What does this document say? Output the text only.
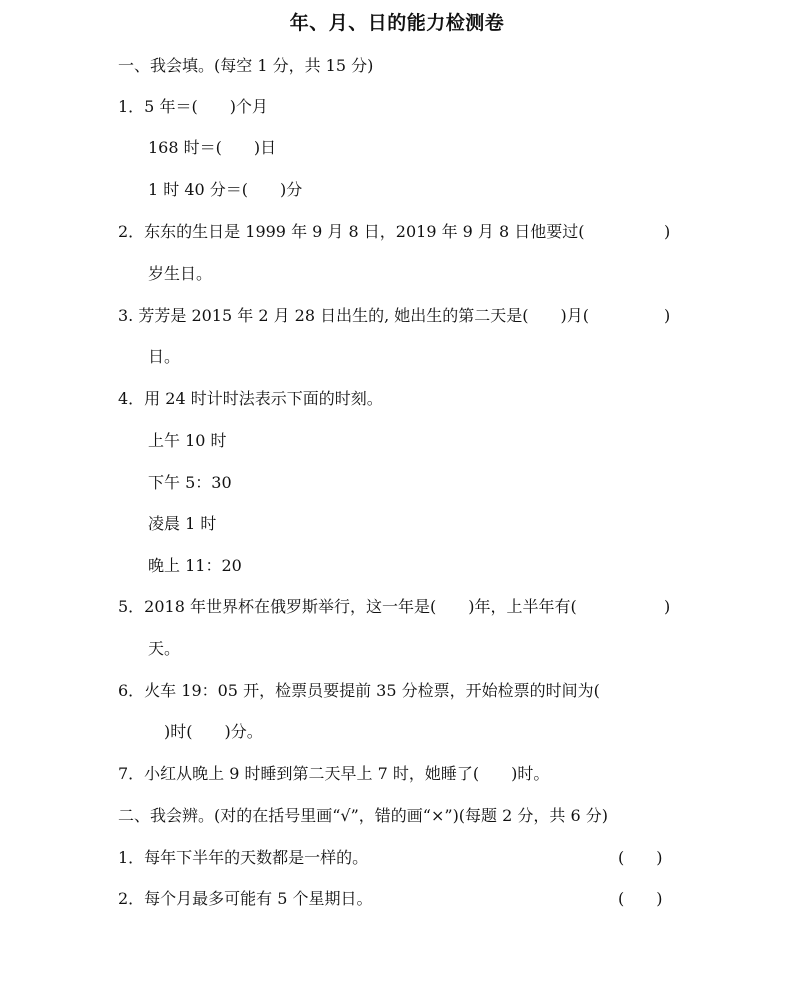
年、月、日的能力检测卷
一、我会填。(每空 1 分，共 15 分)
1．5 年＝(　　)个月
168 时＝(　　)日
1 时 40 分＝(　　)分
2．东东的生日是 1999 年 9 月 8 日，2019 年 9 月 8 日他要过(	)
岁生日。
3. 芳芳是 2015 年 2 月 28 日出生的, 她出生的第二天是(　　)月(	)
日。
4．用 24 时计时法表示下面的时刻。
上午 10 时
下午 5：30
凌晨 1 时
晚上 11：20
5．2018 年世界杯在俄罗斯举行，这一年是(　　)年，上半年有(	)
天。
6．火车 19：05 开，检票员要提前 35 分检票，开始检票的时间为(
)时(　　)分。
7．小红从晚上 9 时睡到第二天早上 7 时，她睡了(　　)时。
二、我会辨。(对的在括号里画“√”，错的画“×”)(每题 2 分，共 6 分)
1．每年下半年的天数都是一样的。	(　　)
2．每个月最多可能有 5 个星期日。	(　　)
